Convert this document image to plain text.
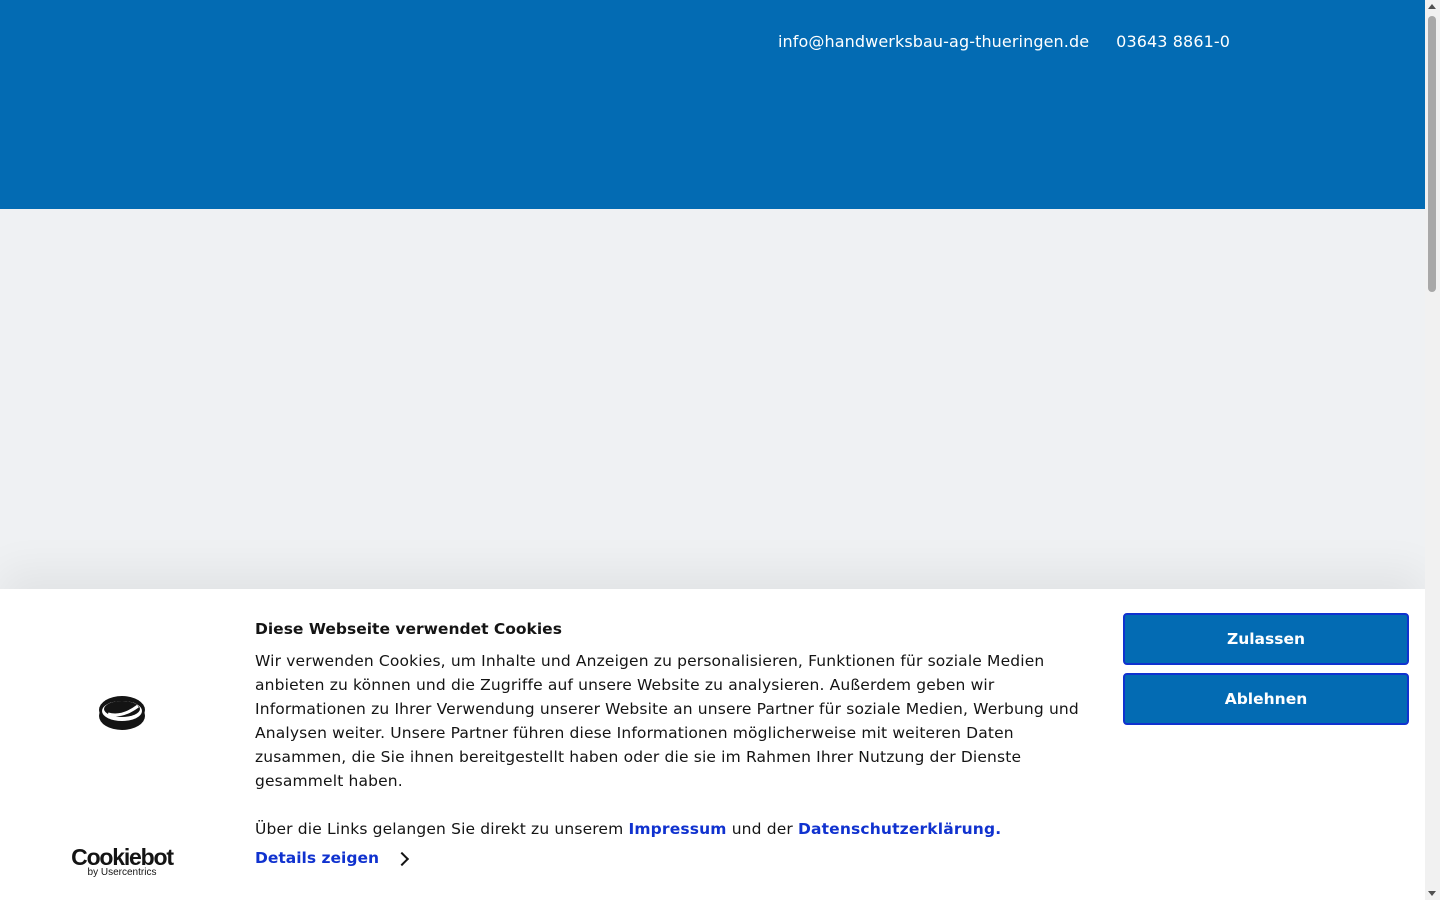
info@handwerksbau-ag-thueringen.de 03643 8861-0
Cookiebot
by Usercentrics
Diese Webseite verwendet Cookies

Wir verwenden Cookies, um Inhalte und Anzeigen zu personalisieren, Funktionen für soziale Medien anbieten zu können und die Zugriffe auf unsere Website zu analysieren. Außerdem geben wir Informationen zu Ihrer Verwendung unserer Website an unsere Partner für soziale Medien, Werbung und Analysen weiter. Unsere Partner führen diese Informationen möglicherweise mit weiteren Daten zusammen, die Sie ihnen bereitgestellt haben oder die sie im Rahmen Ihrer Nutzung der Dienste gesammelt haben.

Über die Links gelangen Sie direkt zu unserem Impressum und der Datenschutzerklärung.

Details zeigen
Zulassen
Ablehnen
